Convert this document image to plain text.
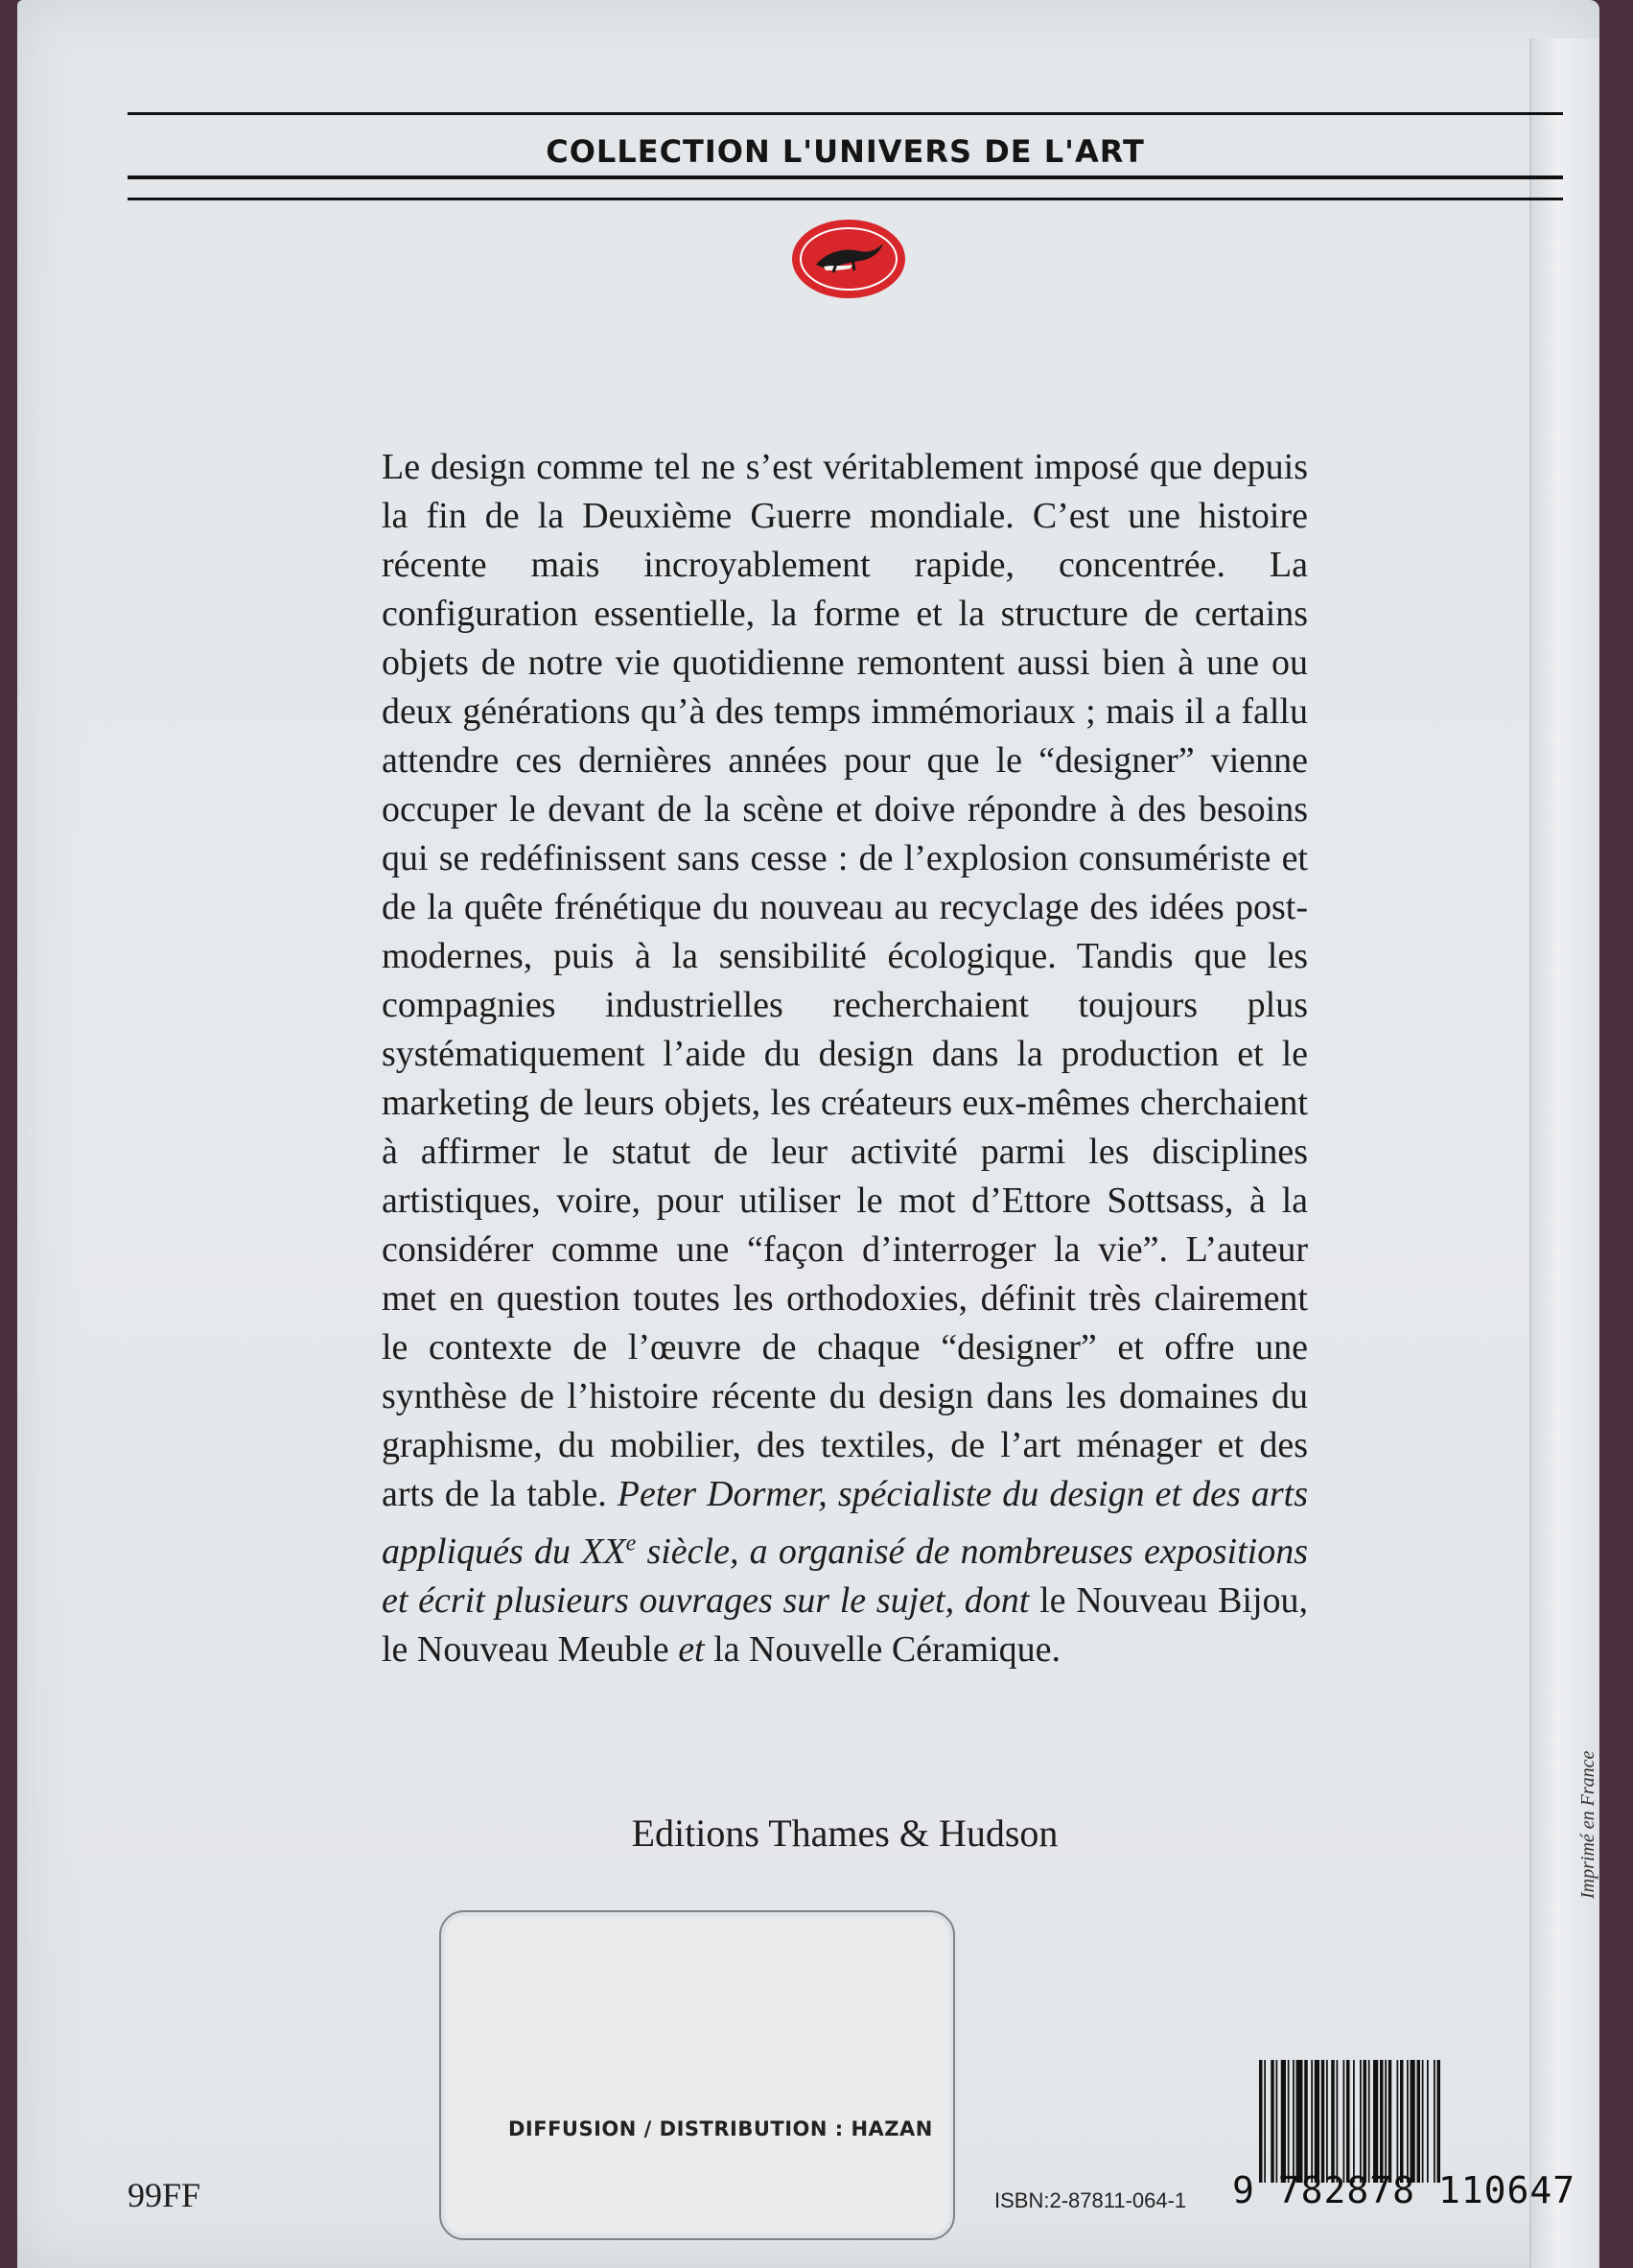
COLLECTION L'UNIVERS DE L'ART

Le design comme tel ne s’est véritablement imposé que depuis la fin de la Deuxième Guerre mondiale. C’est une histoire récente mais incroyablement rapide, concentrée. La configuration essentielle, la forme et la structure de certains objets de notre vie quotidienne remontent aussi bien à une ou deux générations qu’à des temps immémoriaux ; mais il a fallu attendre ces dernières années pour que le “designer” vienne occuper le devant de la scène et doive répondre à des besoins qui se redéfinissent sans cesse : de l’explosion consumériste et de la quête frénétique du nouveau au recyclage des idées post-modernes, puis à la sensibilité écologique. Tandis que les compagnies industrielles recherchaient toujours plus systématiquement l’aide du design dans la production et le marketing de leurs objets, les créateurs eux-mêmes cherchaient à affirmer le statut de leur activité parmi les disciplines artistiques, voire, pour utiliser le mot d’Ettore Sottsass, à la considérer comme une “façon d’interroger la vie”. L’auteur met en question toutes les orthodoxies, définit très clairement le contexte de l’œuvre de chaque “designer” et offre une synthèse de l’histoire récente du design dans les domaines du graphisme, du mobilier, des textiles, de l’art ménager et des arts de la table. Peter Dormer, spécialiste du design et des arts appliqués du XXe siècle, a organisé de nombreuses expositions et écrit plusieurs ouvrages sur le sujet, dont le Nouveau Bijou, le Nouveau Meuble et la Nouvelle Céramique.

Editions Thames & Hudson
DIFFUSION / DISTRIBUTION : HAZAN
99FF	ISBN:2-87811-064-1 9 782878 110647
Imprimé en France
